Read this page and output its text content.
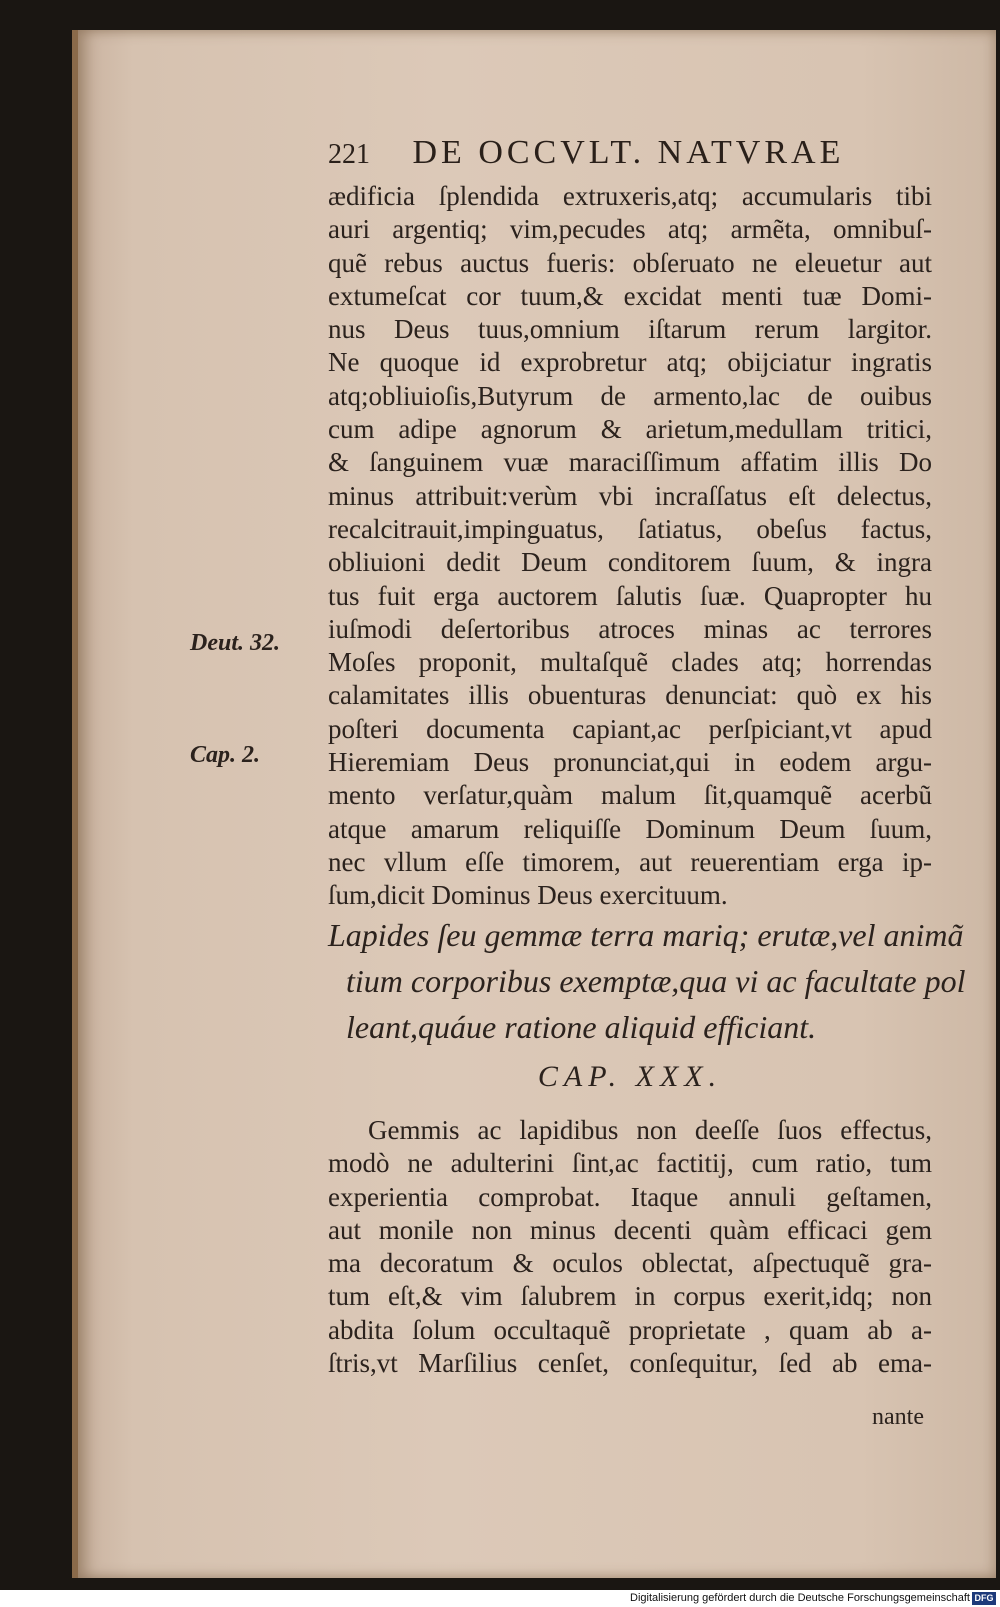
221 DE OCCVLT. NATVRAE
Deut. 32.
Cap. 2.
ædificia ſplendida extruxeris,atq; accumularis tibi
auri argentiq; vim,pecudes atq; armẽta, omnibuſ-
quẽ rebus auctus fueris: obſeruato ne eleuetur aut
extumeſcat cor tuum,& excidat menti tuæ Domi-
nus Deus tuus,omnium iſtarum rerum largitor.
Ne quoque id exprobretur atq; obijciatur ingratis
atq;obliuioſis,Butyrum de armento,lac de ouibus
cum adipe agnorum & arietum,medullam tritici,
& ſanguinem vuæ maraciſſimum affatim illis Do
minus attribuit:verùm vbi incraſſatus eſt delectus,
recalcitrauit,impinguatus, ſatiatus, obeſus factus,
obliuioni dedit Deum conditorem ſuum, & ingra
tus fuit erga auctorem ſalutis ſuæ. Quapropter hu
iuſmodi deſertoribus atroces minas ac terrores
Moſes proponit, multaſquẽ clades atq; horrendas
calamitates illis obuenturas denunciat: quò ex his
poſteri documenta capiant,ac perſpiciant,vt apud
Hieremiam Deus pronunciat,qui in eodem argu-
mento verſatur,quàm malum ſit,quamquẽ acerbũ
atque amarum reliquiſſe Dominum Deum ſuum,
nec vllum eſſe timorem, aut reuerentiam erga ip-
ſum,dicit Dominus Deus exercituum.
Lapides ſeu gemmæ terra mariq; erutæ,vel animã
tium corporibus exemptæ,qua vi ac facultate pol
leant,quáue ratione aliquid efficiant.
CAP. XXX.
Gemmis ac lapidibus non deeſſe ſuos effectus,
modò ne adulterini ſint,ac factitij, cum ratio, tum
experientia comprobat. Itaque annuli geſtamen,
aut monile non minus decenti quàm efficaci gem
ma decoratum & oculos oblectat, aſpectuquẽ gra-
tum eſt,& vim ſalubrem in corpus exerit,idq; non
abdita ſolum occultaquẽ proprietate , quam ab a-
ſtris,vt Marſilius cenſet, conſequitur, ſed ab ema-
nante
Digitalisierung gefördert durch die Deutsche Forschungsgemeinschaft DFG
